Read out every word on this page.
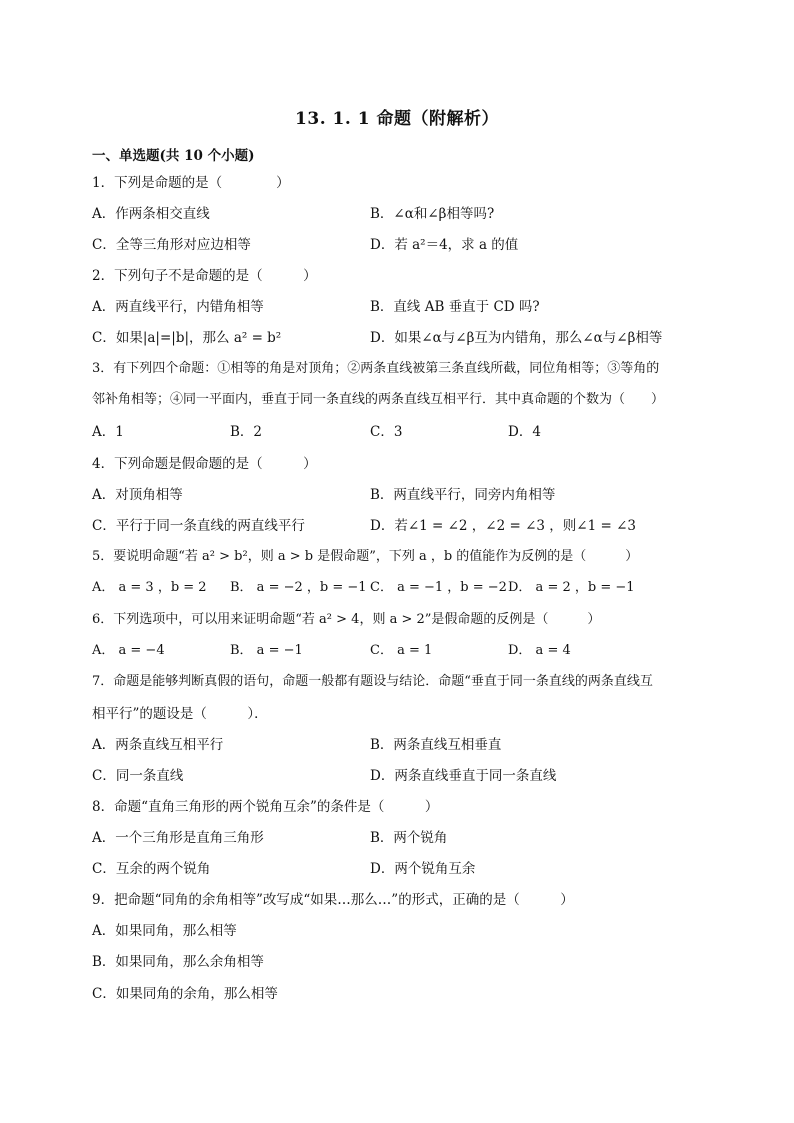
13. 1. 1 命题（附解析）
一、单选题(共 10 个小题)
1．下列是命题的是（　　　　）
A．作两条相交直线	B．∠α和∠β相等吗?
C．全等三角形对应边相等	D．若 a²＝4，求 a 的值
2．下列句子不是命题的是（　　　）
A．两直线平行，内错角相等	B．直线 AB 垂直于 CD 吗?
C．如果|a|=|b|，那么 a² = b²	D．如果∠α与∠β互为内错角，那么∠α与∠β相等
3．有下列四个命题：①相等的角是对顶角；②两条直线被第三条直线所截，同位角相等；③等角的
邻补角相等；④同一平面内，垂直于同一条直线的两条直线互相平行．其中真命题的个数为（　　）
A．1	B．2	C．3	D．4
4．下列命题是假命题的是（　　　）
A．对顶角相等	B．两直线平行，同旁内角相等
C．平行于同一条直线的两直线平行	D．若∠1 = ∠2 ，∠2 = ∠3 ，则∠1 = ∠3
5．要说明命题“若 a² > b²，则 a > b 是假命题”，下列 a ，b 的值能作为反例的是（　　　）
A． a = 3 ，b = 2 B． a = −2 ，b = −1 C． a = −1 ，b = −2 D． a = 2 ，b = −1
6．下列选项中，可以用来证明命题“若 a² > 4，则 a > 2”是假命题的反例是（　　　）
A． a = −4	B． a = −1	C． a = 1	D． a = 4
7．命题是能够判断真假的语句，命题一般都有题设与结论．命题“垂直于同一条直线的两条直线互
相平行”的题设是（　　　）．
A．两条直线互相平行	B．两条直线互相垂直
C．同一条直线	D．两条直线垂直于同一条直线
8．命题“直角三角形的两个锐角互余”的条件是（　　　）
A．一个三角形是直角三角形	B．两个锐角
C．互余的两个锐角	D．两个锐角互余
9．把命题“同角的余角相等”改写成“如果…那么…”的形式，正确的是（　　　）
A．如果同角，那么相等
B．如果同角，那么余角相等
C．如果同角的余角，那么相等
